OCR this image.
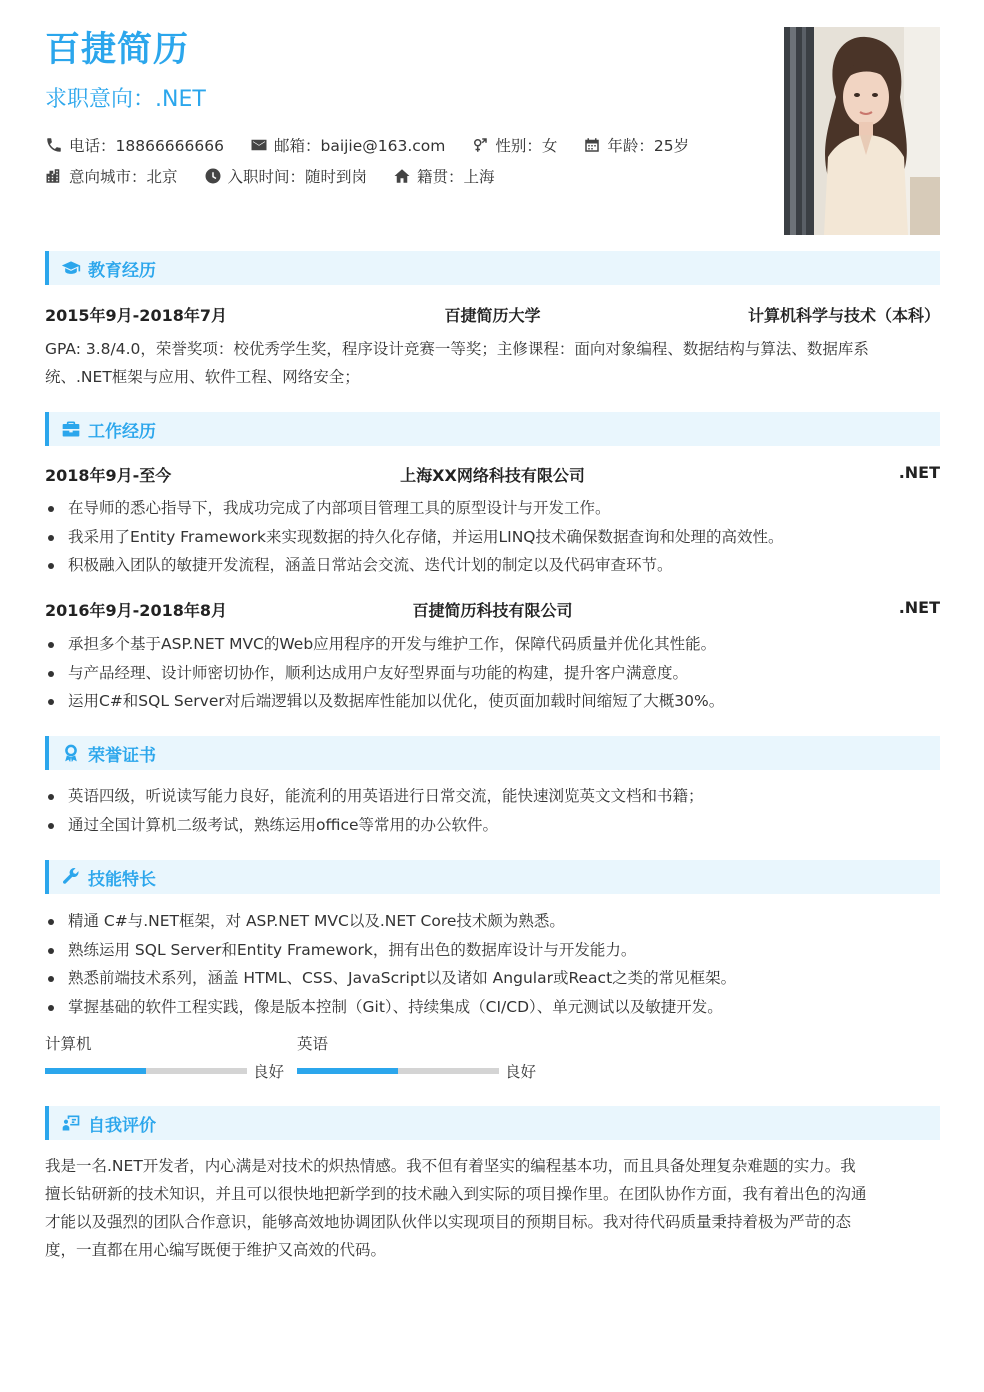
百捷简历
求职意向：.NET
电话：18866666666	邮箱：baijie@163.com	性别：女	年龄：25岁
意向城市：北京	入职时间：随时到岗	籍贯：上海
教育经历
2015年9月-2018年7月	百捷简历大学	计算机科学与技术（本科）
GPA: 3.8/4.0，荣誉奖项：校优秀学生奖，程序设计竞赛一等奖；主修课程：面向对象编程、数据结构与算法、数据库系
统、.NET框架与应用、软件工程、网络安全；
工作经历
2018年9月-至今	上海XX网络科技有限公司	.NET
在导师的悉心指导下，我成功完成了内部项目管理工具的原型设计与开发工作。
我采用了Entity Framework来实现数据的持久化存储，并运用LINQ技术确保数据查询和处理的高效性。
积极融入团队的敏捷开发流程，涵盖日常站会交流、迭代计划的制定以及代码审查环节。
2016年9月-2018年8月	百捷简历科技有限公司	.NET
承担多个基于ASP.NET MVC的Web应用程序的开发与维护工作，保障代码质量并优化其性能。
与产品经理、设计师密切协作，顺利达成用户友好型界面与功能的构建，提升客户满意度。
运用C#和SQL Server对后端逻辑以及数据库性能加以优化，使页面加载时间缩短了大概30%。
荣誉证书
英语四级，听说读写能力良好，能流利的用英语进行日常交流，能快速浏览英文文档和书籍；
通过全国计算机二级考试，熟练运用office等常用的办公软件。
技能特长
精通 C#与.NET框架，对 ASP.NET MVC以及.NET Core技术颇为熟悉。
熟练运用 SQL Server和Entity Framework，拥有出色的数据库设计与开发能力。
熟悉前端技术系列，涵盖 HTML、CSS、JavaScript以及诸如 Angular或React之类的常见框架。
掌握基础的软件工程实践，像是版本控制（Git）、持续集成（CI/CD）、单元测试以及敏捷开发。
计算机
良好
英语
良好
自我评价
我是一名.NET开发者，内心满是对技术的炽热情感。我不但有着坚实的编程基本功，而且具备处理复杂难题的实力。我
擅长钻研新的技术知识，并且可以很快地把新学到的技术融入到实际的项目操作里。在团队协作方面，我有着出色的沟通
才能以及强烈的团队合作意识，能够高效地协调团队伙伴以实现项目的预期目标。我对待代码质量秉持着极为严苛的态
度，一直都在用心编写既便于维护又高效的代码。
